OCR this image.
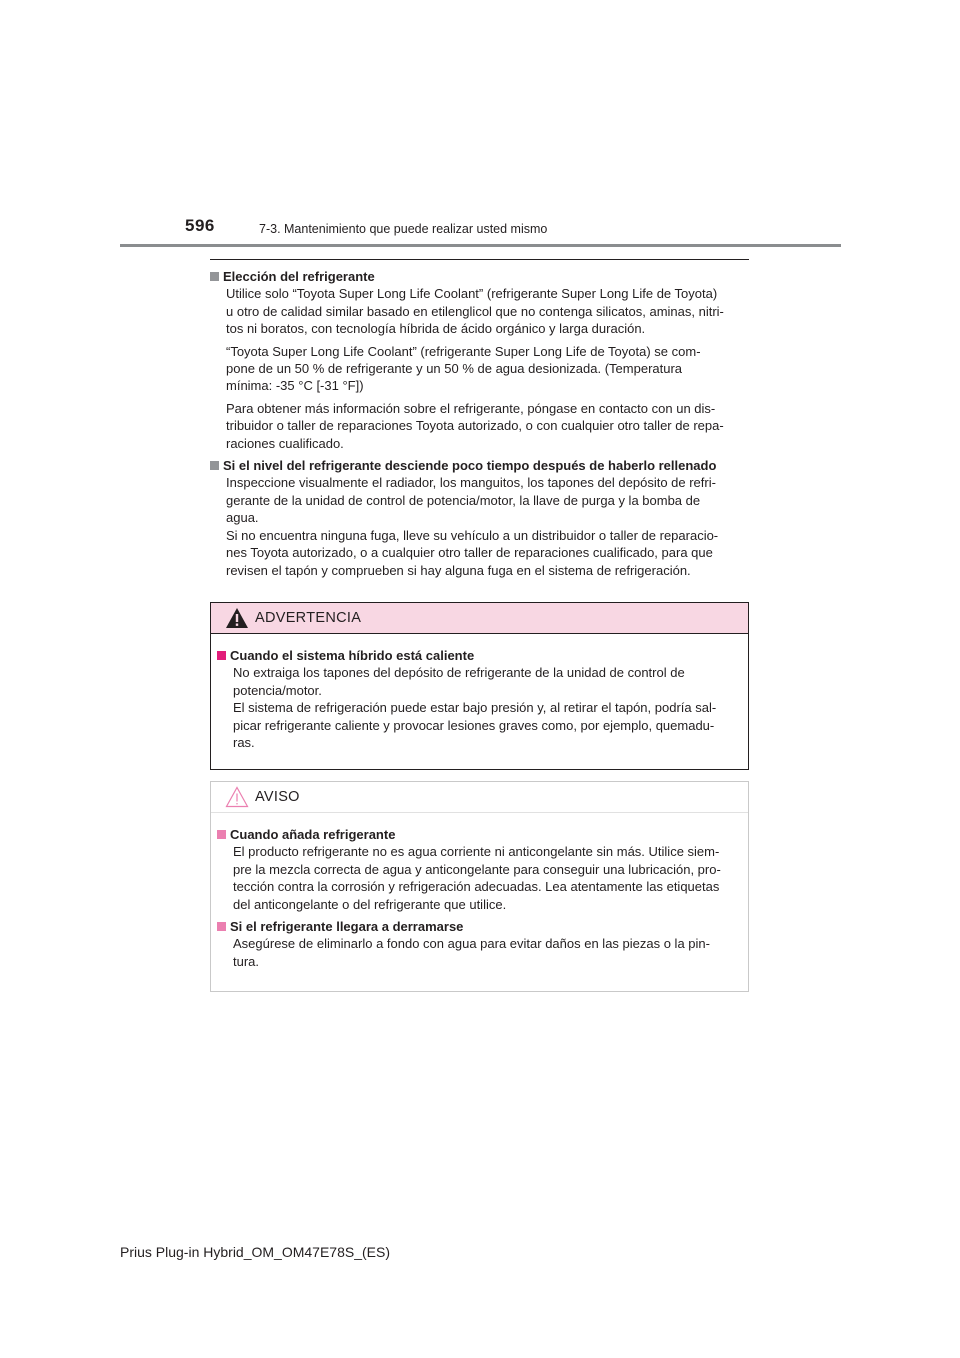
596	7-3. Mantenimiento que puede realizar usted mismo
Elección del refrigerante
Utilice solo “Toyota Super Long Life Coolant” (refrigerante Super Long Life de Toyota)
u otro de calidad similar basado en etilenglicol que no contenga silicatos, aminas, nitri-
tos ni boratos, con tecnología híbrida de ácido orgánico y larga duración.
“Toyota Super Long Life Coolant” (refrigerante Super Long Life de Toyota) se com-
pone de un 50 % de refrigerante y un 50 % de agua desionizada. (Temperatura
mínima: -35 °C [-31 °F])
Para obtener más información sobre el refrigerante, póngase en contacto con un dis-
tribuidor o taller de reparaciones Toyota autorizado, o con cualquier otro taller de repa-
raciones cualificado.
Si el nivel del refrigerante desciende poco tiempo después de haberlo rellenado
Inspeccione visualmente el radiador, los manguitos, los tapones del depósito de refri-
gerante de la unidad de control de potencia/motor, la llave de purga y la bomba de
agua.
Si no encuentra ninguna fuga, lleve su vehículo a un distribuidor o taller de reparacio-
nes Toyota autorizado, o a cualquier otro taller de reparaciones cualificado, para que
revisen el tapón y comprueben si hay alguna fuga en el sistema de refrigeración.
ADVERTENCIA
Cuando el sistema híbrido está caliente
No extraiga los tapones del depósito de refrigerante de la unidad de control de
potencia/motor.
El sistema de refrigeración puede estar bajo presión y, al retirar el tapón, podría sal-
picar refrigerante caliente y provocar lesiones graves como, por ejemplo, quemadu-
ras.
AVISO
Cuando añada refrigerante
El producto refrigerante no es agua corriente ni anticongelante sin más. Utilice siem-
pre la mezcla correcta de agua y anticongelante para conseguir una lubricación, pro-
tección contra la corrosión y refrigeración adecuadas. Lea atentamente las etiquetas
del anticongelante o del refrigerante que utilice.
Si el refrigerante llegara a derramarse
Asegúrese de eliminarlo a fondo con agua para evitar daños en las piezas o la pin-
tura.
Prius Plug-in Hybrid_OM_OM47E78S_(ES)
